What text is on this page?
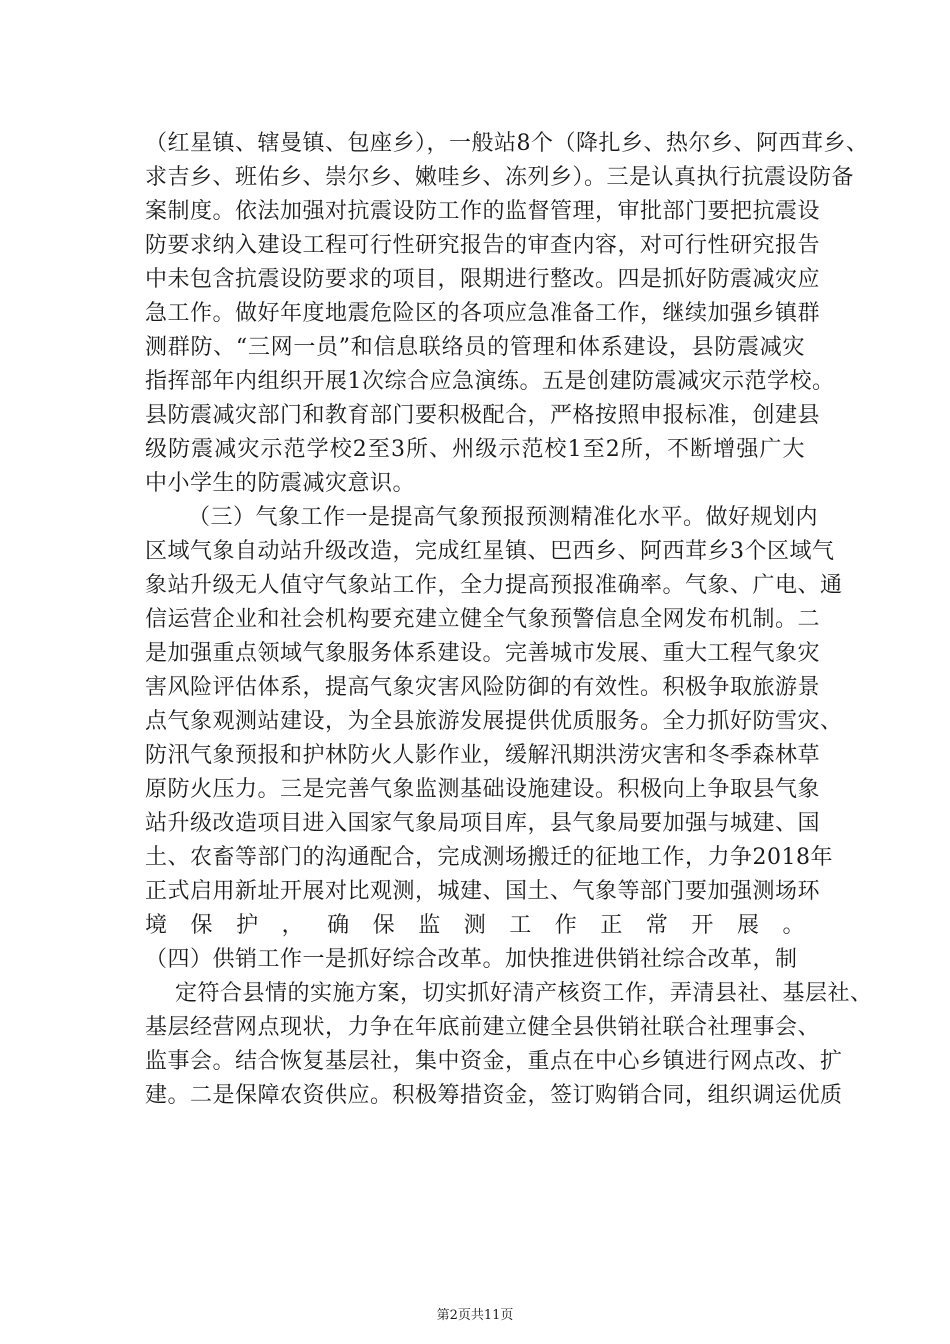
（红星镇、辖曼镇、包座乡），一般站8个（降扎乡、热尔乡、阿西茸乡、
求吉乡、班佑乡、崇尔乡、嫩哇乡、冻列乡）。三是认真执行抗震设防备
案制度。依法加强对抗震设防工作的监督管理，审批部门要把抗震设
防要求纳入建设工程可行性研究报告的审查内容，对可行性研究报告
中未包含抗震设防要求的项目，限期进行整改。四是抓好防震减灾应
急工作。做好年度地震危险区的各项应急准备工作，继续加强乡镇群
测群防、“三网一员”和信息联络员的管理和体系建设，县防震减灾
指挥部年内组织开展1次综合应急演练。五是创建防震减灾示范学校。
县防震减灾部门和教育部门要积极配合，严格按照申报标准，创建县
级防震减灾示范学校2至3所、州级示范校1至2所，不断增强广大
中小学生的防震减灾意识。
（三）气象工作一是提高气象预报预测精准化水平。做好规划内
区域气象自动站升级改造，完成红星镇、巴西乡、阿西茸乡3个区域气
象站升级无人值守气象站工作，全力提高预报准确率。气象、广电、通
信运营企业和社会机构要充建立健全气象预警信息全网发布机制。二
是加强重点领域气象服务体系建设。完善城市发展、重大工程气象灾
害风险评估体系，提高气象灾害风险防御的有效性。积极争取旅游景
点气象观测站建设，为全县旅游发展提供优质服务。全力抓好防雪灾、
防汛气象预报和护林防火人影作业，缓解汛期洪涝灾害和冬季森林草
原防火压力。三是完善气象监测基础设施建设。积极向上争取县气象
站升级改造项目进入国家气象局项目库，县气象局要加强与城建、国
土、农畜等部门的沟通配合，完成测场搬迁的征地工作，力争2018年
正式启用新址开展对比观测，城建、国土、气象等部门要加强测场环
境保护，确保监测工作正常开展。
（四）供销工作一是抓好综合改革。加快推进供销社综合改革，制
定符合县情的实施方案，切实抓好清产核资工作，弄清县社、基层社、
基层经营网点现状，力争在年底前建立健全县供销社联合社理事会、
监事会。结合恢复基层社，集中资金，重点在中心乡镇进行网点改、扩
建。二是保障农资供应。积极筹措资金，签订购销合同，组织调运优质
第2页共11页
